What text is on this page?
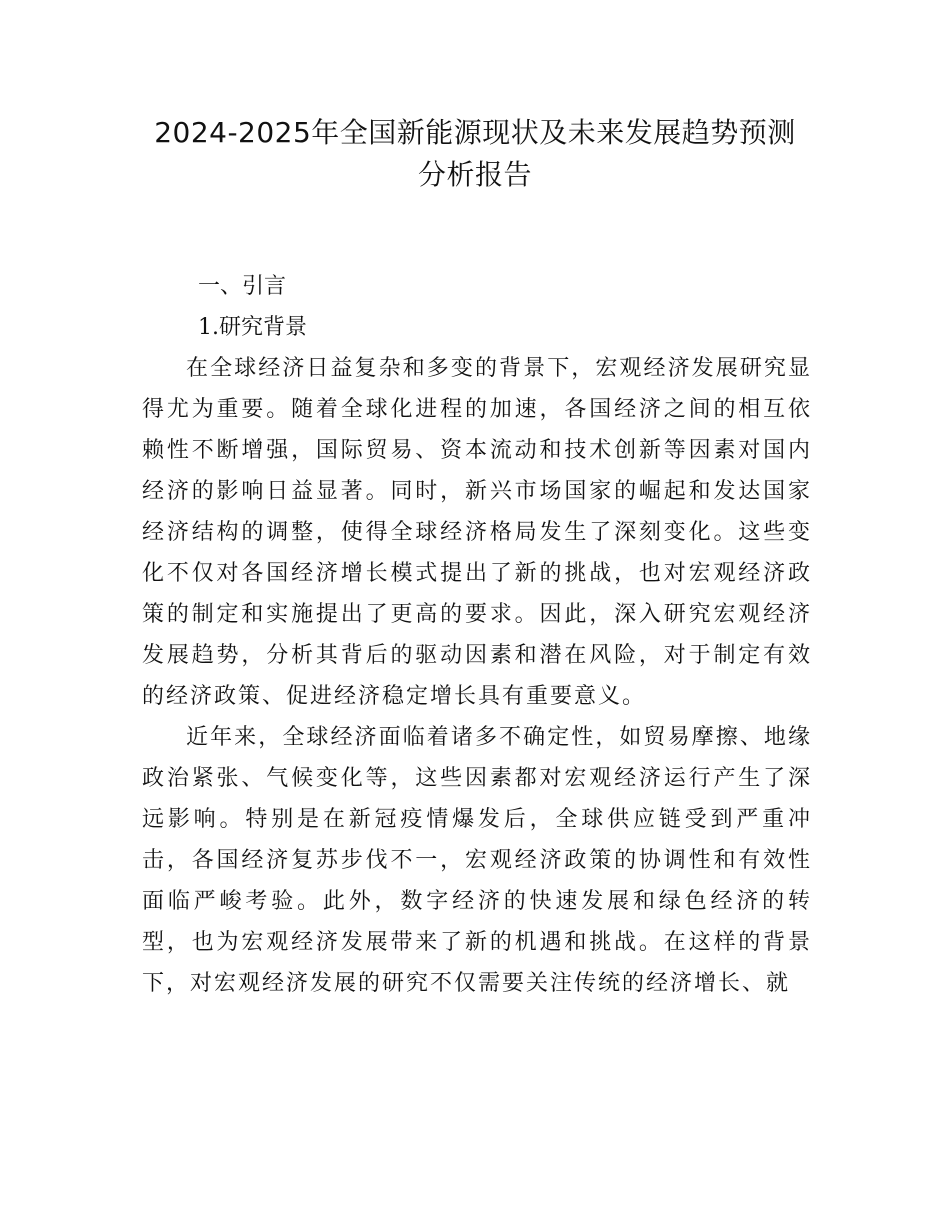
2024-2025年全国新能源现状及未来发展趋势预测分析报告
一、引言
1.研究背景

在全球经济日益复杂和多变的背景下，宏观经济发展研究显得尤为重要。随着全球化进程的加速，各国经济之间的相互依赖性不断增强，国际贸易、资本流动和技术创新等因素对国内经济的影响日益显著。同时，新兴市场国家的崛起和发达国家经济结构的调整，使得全球经济格局发生了深刻变化。这些变化不仅对各国经济增长模式提出了新的挑战，也对宏观经济政策的制定和实施提出了更高的要求。因此，深入研究宏观经济发展趋势，分析其背后的驱动因素和潜在风险，对于制定有效的经济政策、促进经济稳定增长具有重要意义。

近年来，全球经济面临着诸多不确定性，如贸易摩擦、地缘政治紧张、气候变化等，这些因素都对宏观经济运行产生了深远影响。特别是在新冠疫情爆发后，全球供应链受到严重冲击，各国经济复苏步伐不一，宏观经济政策的协调性和有效性面临严峻考验。此外，数字经济的快速发展和绿色经济的转型，也为宏观经济发展带来了新的机遇和挑战。在这样的背景下，对宏观经济发展的研究不仅需要关注传统的经济增长、就
